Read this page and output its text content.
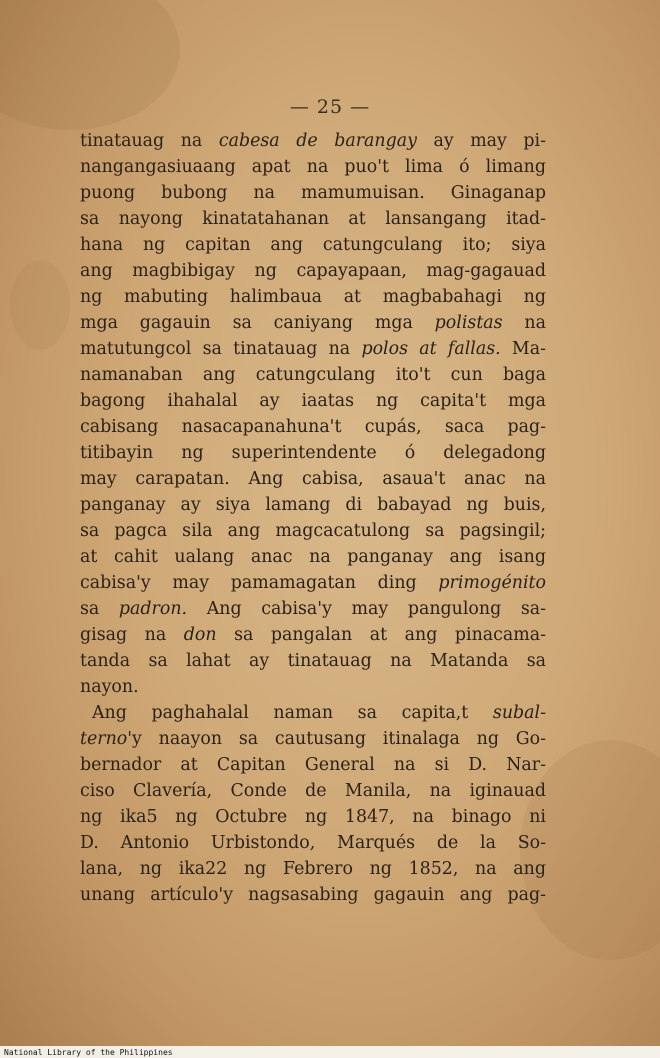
— 25 —
tinatauag na cabesa de barangay ay may pi-
nangangasiuaang apat na puo't lima ó limang
puong bubong na mamumuisan. Ginaganap
sa nayong kinatatahanan at lansangang itad-
hana ng capitan ang catungculang ito; siya
ang magbibigay ng capayapaan, mag-gagauad
ng mabuting halimbaua at magbabahagi ng
mga gagauin sa caniyang mga polistas na
matutungcol sa tinatauag na polos at fallas. Ma-
namanaban ang catungculang ito't cun baga
bagong ihahalal ay iaatas ng capita't mga
cabisang nasacapanahuna't cupás, saca pag-
titibayin ng superintendente ó delegadong
may carapatan. Ang cabisa, asaua't anac na
panganay ay siya lamang di babayad ng buis,
sa pagca sila ang magcacatulong sa pagsingil;
at cahit ualang anac na panganay ang isang
cabisa'y may pamamagatan ding primogénito
sa padron. Ang cabisa'y may pangulong sa-
gisag na don sa pangalan at ang pinacama-
tanda sa lahat ay tinatauag na Matanda sa
nayon.
Ang paghahalal naman sa capita,t subal-
terno'y naayon sa cautusang itinalaga ng Go-
bernador at Capitan General na si D. Nar-
ciso Clavería, Conde de Manila, na iginauad
ng ika5 ng Octubre ng 1847, na binago ni
D. Antonio Urbistondo, Marqués de la So-
lana, ng ika22 ng Febrero ng 1852, na ang
unang artículo'y nagsasabing gagauin ang pag-
National Library of the Philippines
